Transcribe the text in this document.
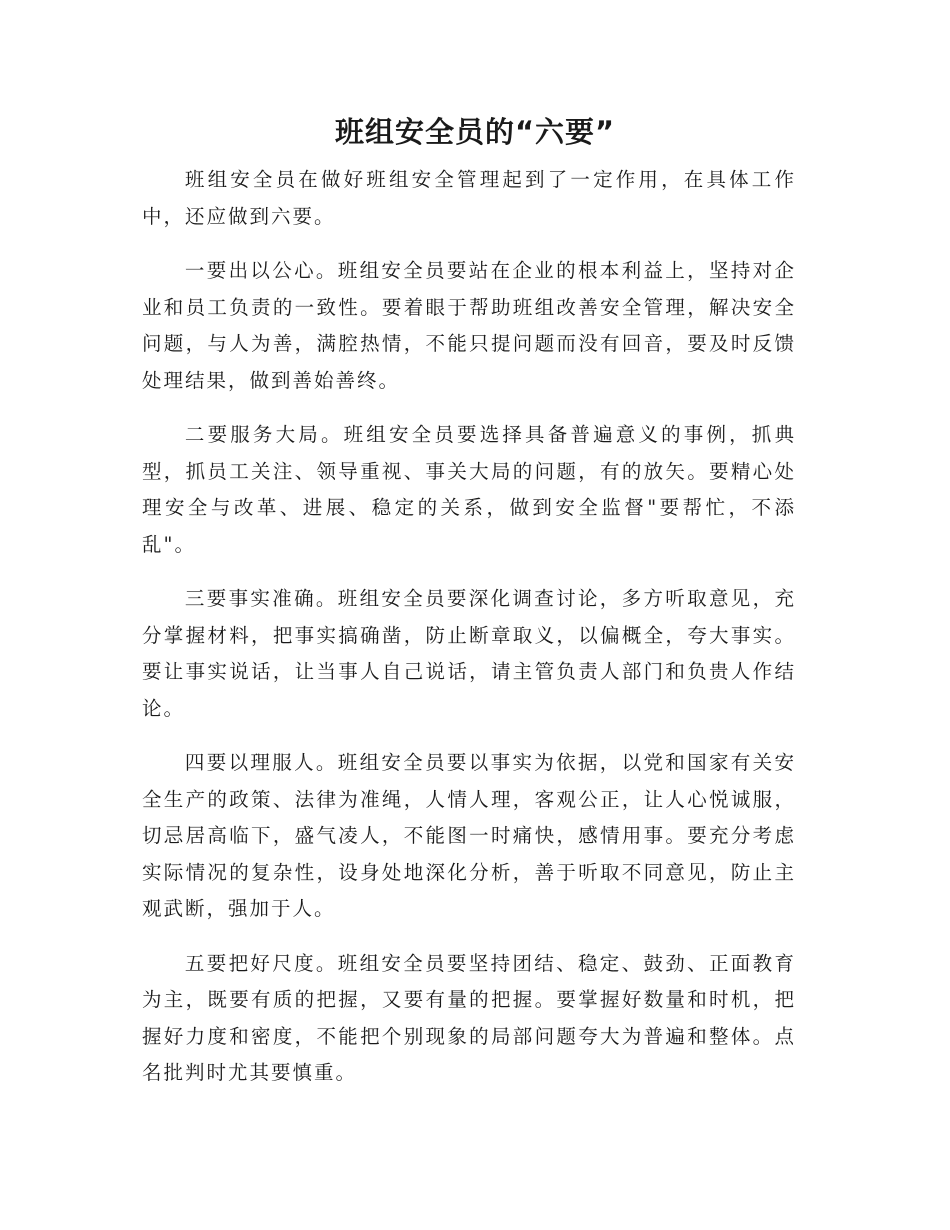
班组安全员的“六要”

班组安全员在做好班组安全管理起到了一定作用，在具体工作中，还应做到六要。

一要出以公心。班组安全员要站在企业的根本利益上，坚持对企业和员工负责的一致性。要着眼于帮助班组改善安全管理，解决安全问题，与人为善，满腔热情，不能只提问题而没有回音，要及时反馈处理结果，做到善始善终。

二要服务大局。班组安全员要选择具备普遍意义的事例，抓典型，抓员工关注、领导重视、事关大局的问题，有的放矢。要精心处理安全与改革、进展、稳定的关系，做到安全监督"要帮忙，不添乱"。

三要事实准确。班组安全员要深化调查讨论，多方听取意见，充分掌握材料，把事实搞确凿，防止断章取义，以偏概全，夸大事实。要让事实说话，让当事人自己说话，请主管负责人部门和负贵人作结论。

四要以理服人。班组安全员要以事实为依据，以党和国家有关安全生产的政策、法律为准绳，人情人理，客观公正，让人心悦诚服，切忌居高临下，盛气凌人，不能图一时痛快，感情用事。要充分考虑实际情况的复杂性，设身处地深化分析，善于听取不同意见，防止主观武断，强加于人。

五要把好尺度。班组安全员要坚持团结、稳定、鼓劲、正面教育为主，既要有质的把握，又要有量的把握。要掌握好数量和时机，把握好力度和密度，不能把个别现象的局部问题夸大为普遍和整体。点名批判时尤其要慎重。
